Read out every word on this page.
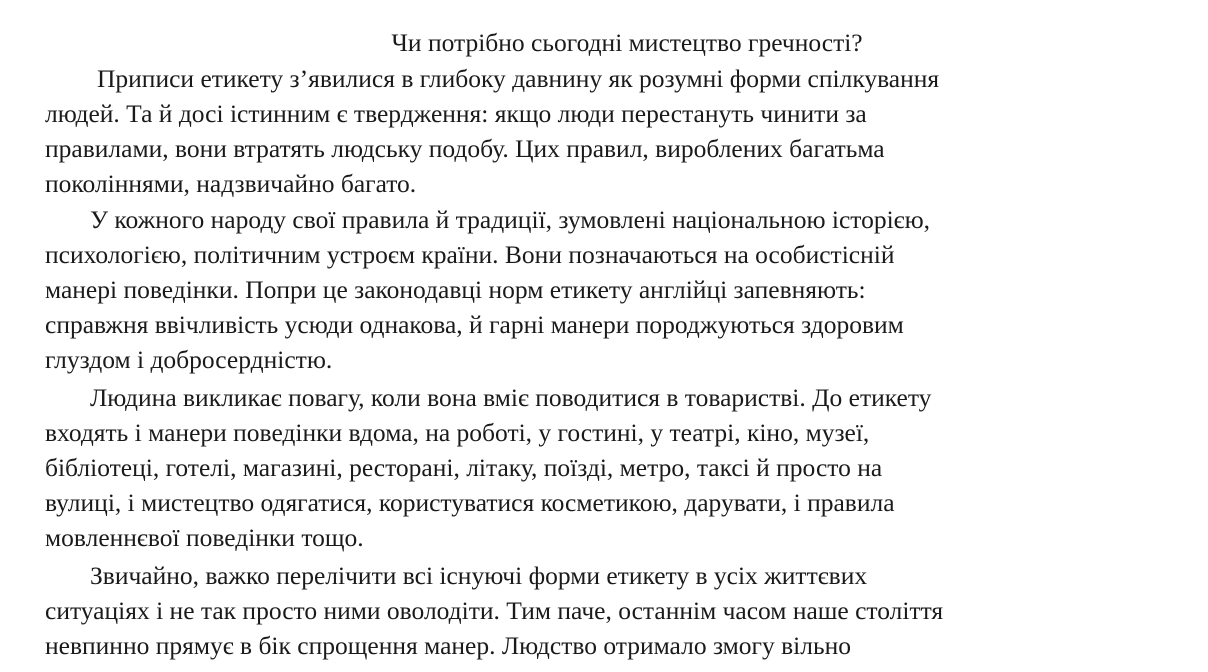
Чи потрібно сьогодні мистецтво гречності?
Приписи етикету з’явилися в глибоку давнину як розумні форми спілкування
людей. Та й досі істинним є твердження: якщо люди перестануть чинити за
правилами, вони втратять людську подобу. Цих правил, вироблених багатьма
поколіннями, надзвичайно багато.
У кожного народу свої правила й традиції, зумовлені національною історією,
психологією, політичним устроєм країни. Вони позначаються на особистісній
манері поведінки. Попри це законодавці норм етикету англійці запевняють:
справжня ввічливість усюди однакова, й гарні манери породжуються здоровим
глуздом і добросердністю.
Людина викликає повагу, коли вона вміє поводитися в товаристві. До етикету
входять і манери поведінки вдома, на роботі, у гостині, у театрі, кіно, музеї,
бібліотеці, готелі, магазині, ресторані, літаку, поїзді, метро, таксі й просто на
вулиці, і мистецтво одягатися, користуватися косметикою, дарувати, і правила
мовленнєвої поведінки тощо.
Звичайно, важко перелічити всі існуючі форми етикету в усіх життєвих
ситуаціях і не так просто ними оволодіти. Тим паче, останнім часом наше століття
невпинно прямує в бік спрощення манер. Людство отримало змогу вільно
